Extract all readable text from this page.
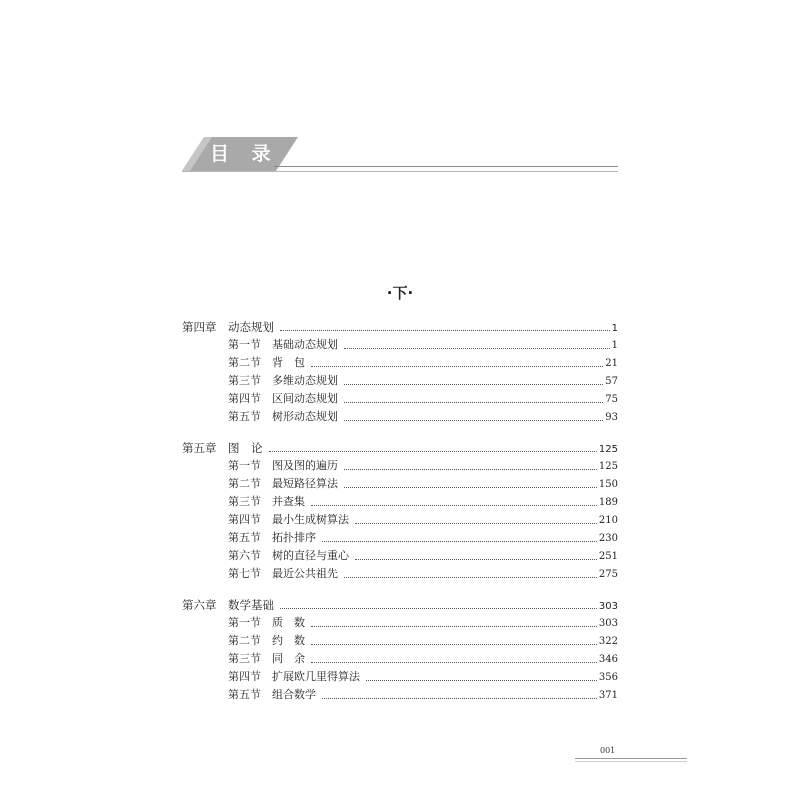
目 录
·下·
第四章	动态规划	1
第一节	基础动态规划	1
第二节	背　包	21
第三节	多维动态规划	57
第四节	区间动态规划	75
第五节	树形动态规划	93
第五章	图　论	125
第一节	图及图的遍历	125
第二节	最短路径算法	150
第三节	并查集	189
第四节	最小生成树算法	210
第五节	拓扑排序	230
第六节	树的直径与重心	251
第七节	最近公共祖先	275
第六章	数学基础	303
第一节	质　数	303
第二节	约　数	322
第三节	同　余	346
第四节	扩展欧几里得算法	356
第五节	组合数学	371
001
